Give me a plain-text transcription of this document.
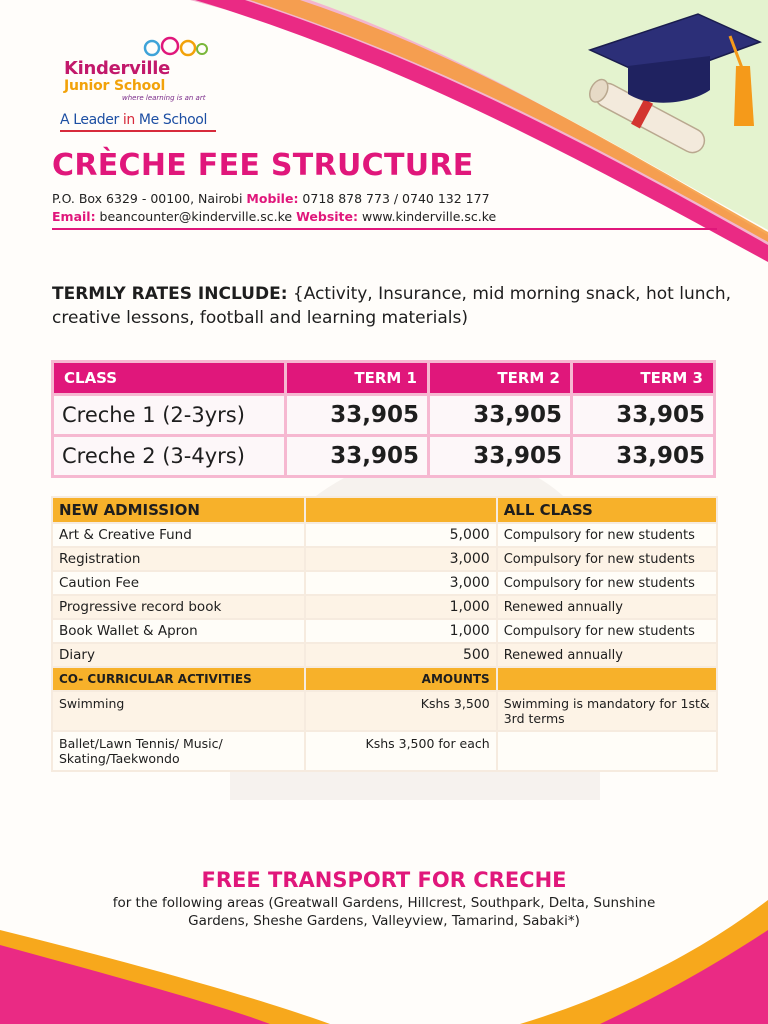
Kinderville
Junior School
where learning is an art
A Leader in Me School
CRÈCHE FEE STRUCTURE
P.O. Box 6329 - 00100, Nairobi Mobile: 0718 878 773 / 0740 132 177
Email: beancounter@kinderville.sc.ke Website: www.kinderville.sc.ke

TERMLY RATES INCLUDE: {Activity, Insurance, mid morning snack, hot lunch, creative lessons, football and learning materials)

CLASS	TERM 1	TERM 2	TERM 3
Creche 1 (2-3yrs)	33,905	33,905	33,905
Creche 2 (3-4yrs)	33,905	33,905	33,905
NEW ADMISSION		ALL CLASS
Art & Creative Fund	5,000	Compulsory for new students
Registration	3,000	Compulsory for new students
Caution Fee	3,000	Compulsory for new students
Progressive record book	1,000	Renewed annually
Book Wallet & Apron	1,000	Compulsory for new students
Diary	500	Renewed annually
CO- CURRICULAR ACTIVITIES	AMOUNTS	
Swimming	Kshs 3,500	Swimming is mandatory for 1st& 3rd terms
Ballet/Lawn Tennis/ Music/ Skating/Taekwondo	Kshs 3,500 for each	
FREE TRANSPORT FOR CRECHE
for the following areas (Greatwall Gardens, Hillcrest, Southpark, Delta, Sunshine Gardens, Sheshe Gardens, Valleyview, Tamarind, Sabaki*)
